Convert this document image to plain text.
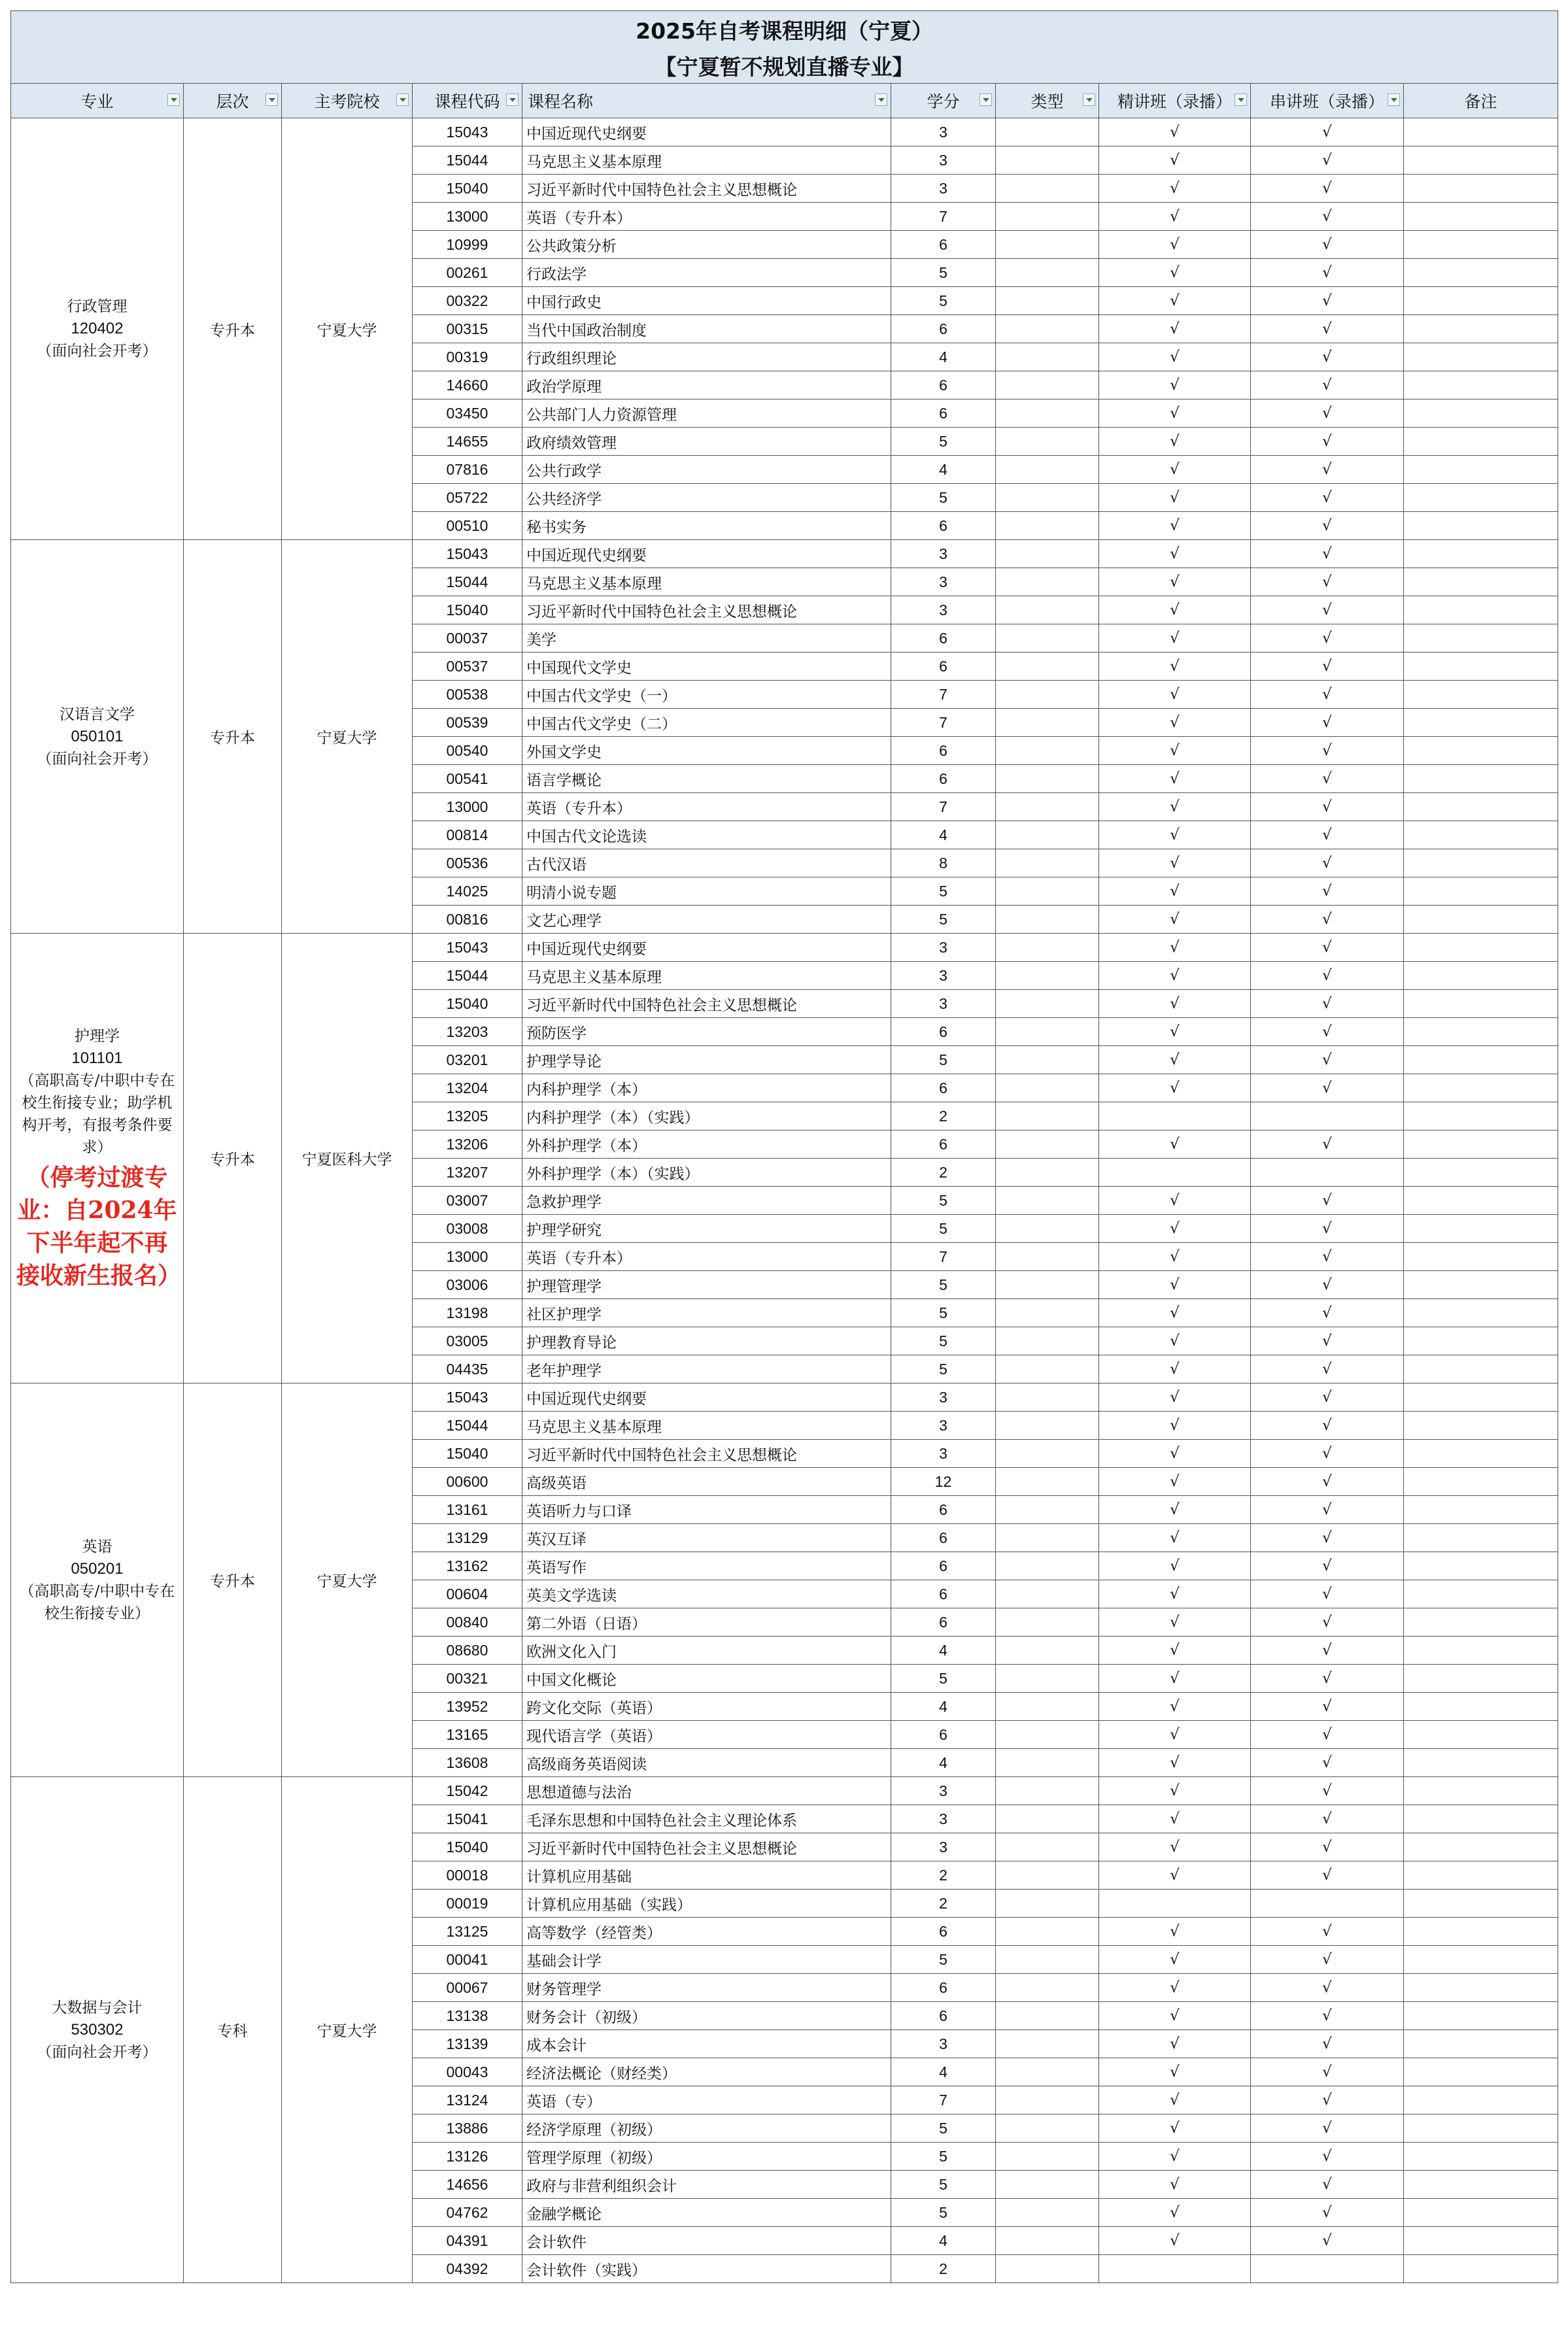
2025年自考课程明细（宁夏）									
【宁夏暂不规划直播专业】									
专业	层次	主考院校	课程代码	课程名称	学分	类型	精讲班（录播）	串讲班（录播）	备注

行政管理
120402
（面向社会开考）	专升本	宁夏大学	15043	中国近现代史纲要	3		√	√	
			15044	马克思主义基本原理	3		√	√	
			15040	习近平新时代中国特色社会主义思想概论	3		√	√	
			13000	英语（专升本）	7		√	√	
			10999	公共政策分析	6		√	√	
			00261	行政法学	5		√	√	
			00322	中国行政史	5		√	√	
			00315	当代中国政治制度	6		√	√	
			00319	行政组织理论	4		√	√	
			14660	政治学原理	6		√	√	
			03450	公共部门人力资源管理	6		√	√	
			14655	政府绩效管理	5		√	√	
			07816	公共行政学	4		√	√	
			05722	公共经济学	5		√	√	
			00510	秘书实务	6		√	√	

汉语言文学
050101
（面向社会开考）	专升本	宁夏大学	15043	中国近现代史纲要	3		√	√	
			15044	马克思主义基本原理	3		√	√	
			15040	习近平新时代中国特色社会主义思想概论	3		√	√	
			00037	美学	6		√	√	
			00537	中国现代文学史	6		√	√	
			00538	中国古代文学史（一）	7		√	√	
			00539	中国古代文学史（二）	7		√	√	
			00540	外国文学史	6		√	√	
			00541	语言学概论	6		√	√	
			13000	英语（专升本）	7		√	√	
			00814	中国古代文论选读	4		√	√	
			00536	古代汉语	8		√	√	
			14025	明清小说专题	5		√	√	
			00816	文艺心理学	5		√	√	

护理学
101101
（高职高专/中职中专在校生衔接专业；助学机构开考，有报考条件要求）
（停考过渡专业：自2024年下半年起不再接收新生报名）	专升本	宁夏医科大学	15043	中国近现代史纲要	3		√	√	
			15044	马克思主义基本原理	3		√	√	
			15040	习近平新时代中国特色社会主义思想概论	3		√	√	
			13203	预防医学	6		√	√	
			03201	护理学导论	5		√	√	
			13204	内科护理学（本）	6		√	√	
			13205	内科护理学（本）（实践）	2				
			13206	外科护理学（本）	6		√	√	
			13207	外科护理学（本）（实践）	2				
			03007	急救护理学	5		√	√	
			03008	护理学研究	5		√	√	
			13000	英语（专升本）	7		√	√	
			03006	护理管理学	5		√	√	
			13198	社区护理学	5		√	√	
			03005	护理教育导论	5		√	√	
			04435	老年护理学	5		√	√	

英语
050201
（高职高专/中职中专在校生衔接专业）	专升本	宁夏大学	15043	中国近现代史纲要	3		√	√	
			15044	马克思主义基本原理	3		√	√	
			15040	习近平新时代中国特色社会主义思想概论	3		√	√	
			00600	高级英语	12		√	√	
			13161	英语听力与口译	6		√	√	
			13129	英汉互译	6		√	√	
			13162	英语写作	6		√	√	
			00604	英美文学选读	6		√	√	
			00840	第二外语（日语）	6		√	√	
			08680	欧洲文化入门	4		√	√	
			00321	中国文化概论	5		√	√	
			13952	跨文化交际（英语）	4		√	√	
			13165	现代语言学（英语）	6		√	√	
			13608	高级商务英语阅读	4		√	√	

大数据与会计
530302
（面向社会开考）	专科	宁夏大学	15042	思想道德与法治	3		√	√	
			15041	毛泽东思想和中国特色社会主义理论体系	3		√	√	
			15040	习近平新时代中国特色社会主义思想概论	3		√	√	
			00018	计算机应用基础	2		√	√	
			00019	计算机应用基础（实践）	2				
			13125	高等数学（经管类）	6		√	√	
			00041	基础会计学	5		√	√	
			00067	财务管理学	6		√	√	
			13138	财务会计（初级）	6		√	√	
			13139	成本会计	3		√	√	
			00043	经济法概论（财经类）	4		√	√	
			13124	英语（专）	7		√	√	
			13886	经济学原理（初级）	5		√	√	
			13126	管理学原理（初级）	5		√	√	
			14656	政府与非营利组织会计	5		√	√	
			04762	金融学概论	5		√	√	
			04391	会计软件	4		√	√	
			04392	会计软件（实践）	2				
